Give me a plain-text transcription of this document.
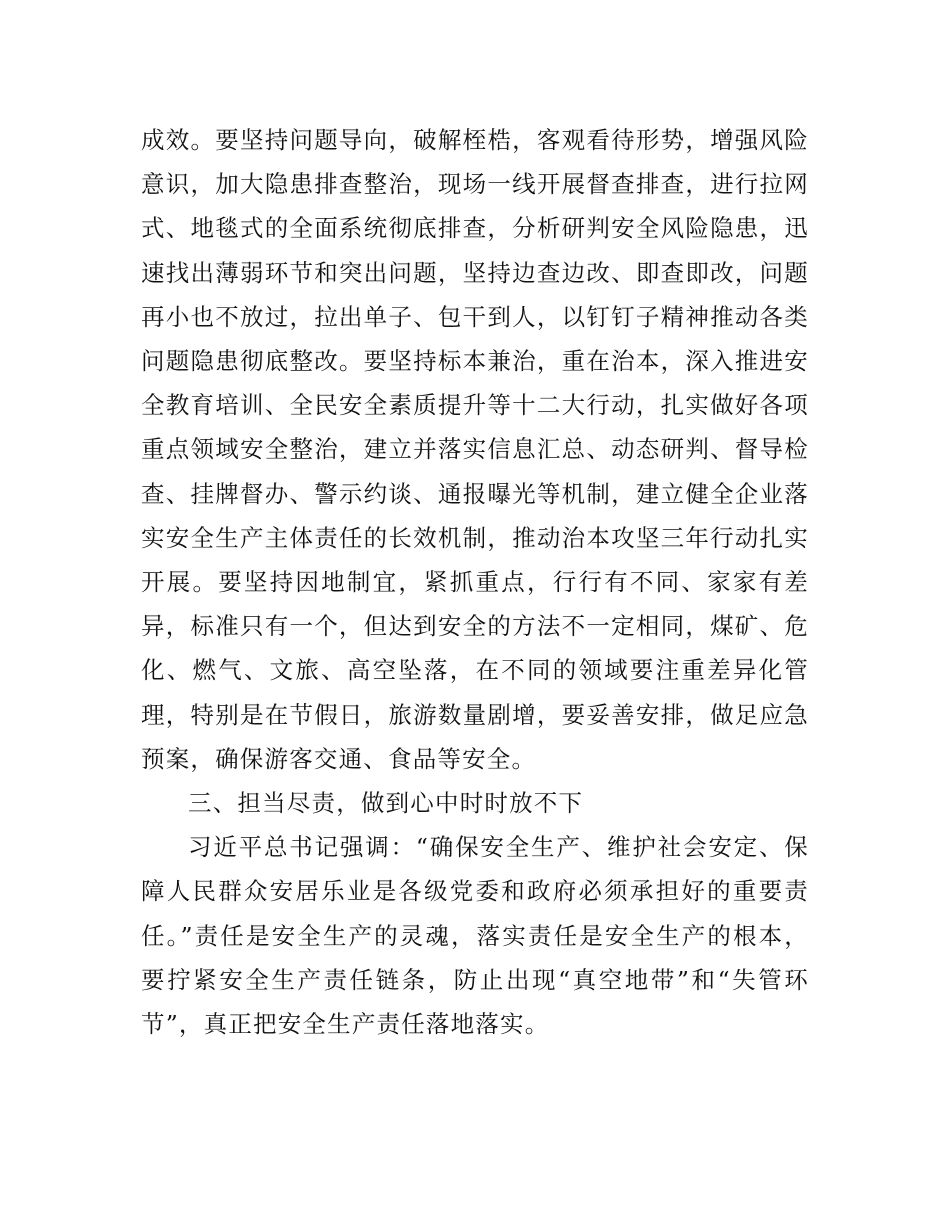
成效。要坚持问题导向，破解桎梏，客观看待形势，增强风险意识，加大隐患排查整治，现场一线开展督查排查，进行拉网式、地毯式的全面系统彻底排查，分析研判安全风险隐患，迅速找出薄弱环节和突出问题，坚持边查边改、即查即改，问题再小也不放过，拉出单子、包干到人，以钉钉子精神推动各类问题隐患彻底整改。要坚持标本兼治，重在治本，深入推进安全教育培训、全民安全素质提升等十二大行动，扎实做好各项重点领域安全整治，建立并落实信息汇总、动态研判、督导检查、挂牌督办、警示约谈、通报曝光等机制，建立健全企业落实安全生产主体责任的长效机制，推动治本攻坚三年行动扎实开展。要坚持因地制宜，紧抓重点，行行有不同、家家有差异，标准只有一个，但达到安全的方法不一定相同，煤矿、危化、燃气、文旅、高空坠落，在不同的领域要注重差异化管理，特别是在节假日，旅游数量剧增，要妥善安排，做足应急预案，确保游客交通、食品等安全。

三、担当尽责，做到心中时时放不下

习近平总书记强调：“确保安全生产、维护社会安定、保障人民群众安居乐业是各级党委和政府必须承担好的重要责任。”责任是安全生产的灵魂，落实责任是安全生产的根本，要拧紧安全生产责任链条，防止出现“真空地带”和“失管环节”，真正把安全生产责任落地落实。
